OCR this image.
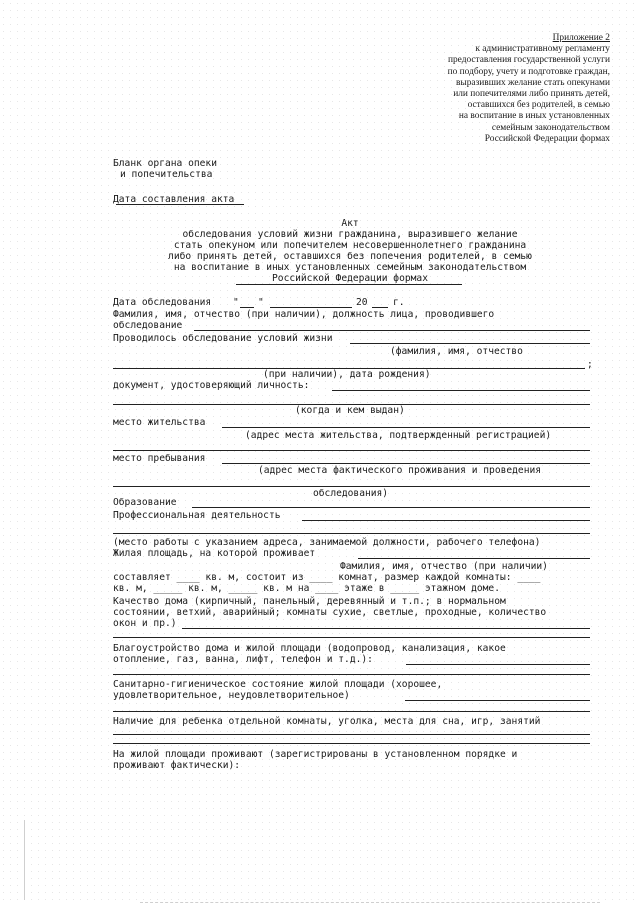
Приложение 2
к административному регламенту
предоставления государственной услуги
по подбору, учету и подготовке граждан,
выразивших желание стать опекунами
или попечителями либо принять детей,
оставшихся без родителей, в семью
на воспитание в иных установленных
семейным законодательством
Российской Федерации формах
Бланк органа опеки
и попечительства
Дата составления акта
Акт
обследования условий жизни гражданина, выразившего желание
стать опекуном или попечителем несовершеннолетнего гражданина
либо принять детей, оставшихся без попечения родителей, в семью
на воспитание в иных установленных семейным законодательством
Российской Федерации формах
Дата обследования " "	20	г.
Фамилия, имя, отчество (при наличии), должность лица, проводившего
обследование
Проводилось обследование условий жизни
(фамилия, имя, отчество
;
(при наличии), дата рождения)
документ, удостоверяющий личность:
(когда и кем выдан)
место жительства
(адрес места жительства, подтвержденный регистрацией)
место пребывания
(адрес места фактического проживания и проведения
обследования)
Образование
Профессиональная деятельность
(место работы с указанием адреса, занимаемой должности, рабочего телефона)
Жилая площадь, на которой проживает
Фамилия, имя, отчество (при наличии)
составляет ____ кв. м, состоит из ____ комнат, размер каждой комнаты: ____
кв. м, _____ кв. м, _____ кв. м на ____ этаже в _____ этажном доме.
Качество дома (кирпичный, панельный, деревянный и т.п.; в нормальном
состоянии, ветхий, аварийный; комнаты сухие, светлые, проходные, количество
окон и пр.)
Благоустройство дома и жилой площади (водопровод, канализация, какое
отопление, газ, ванна, лифт, телефон и т.д.):
Санитарно-гигиеническое состояние жилой площади (хорошее,
удовлетворительное, неудовлетворительное)
Наличие для ребенка отдельной комнаты, уголка, места для сна, игр, занятий
На жилой площади проживают (зарегистрированы в установленном порядке и
проживают фактически):
